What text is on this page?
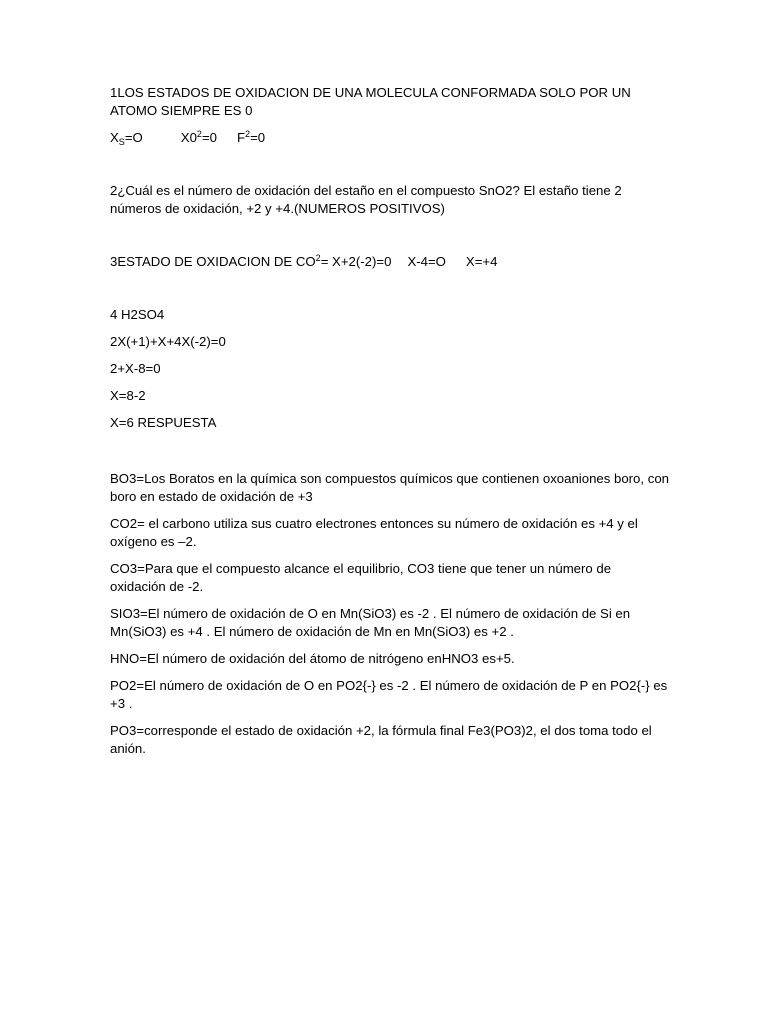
1LOS ESTADOS DE OXIDACION DE UNA MOLECULA CONFORMADA SOLO POR UN ATOMO SIEMPRE ES 0

$X_S=O$	$X0^2=0$ $F^2=0$

2¿Cuál es el número de oxidación del estaño en el compuesto SnO2? El estaño tiene 2 números de oxidación, +2 y +4.(NUMEROS POSITIVOS)

3ESTADO DE OXIDACION DE $CO^2= X+2(-2)=0$ X-4=O X=+4

4 H2SO4

2X(+1)+X+4X(-2)=0

2+X-8=0

X=8-2

X=6 RESPUESTA

BO3=Los Boratos en la química son compuestos químicos que contienen oxoaniones boro, con boro en estado de oxidación de +3

CO2= el carbono utiliza sus cuatro electrones entonces su número de oxidación es +4 y el oxígeno es –2.

CO3=Para que el compuesto alcance el equilibrio, CO3 tiene que tener un número de oxidación de -2.

SIO3=El número de oxidación de O en Mn(SiO3) es -2 . El número de oxidación de Si en Mn(SiO3) es +4 . El número de oxidación de Mn en Mn(SiO3) es +2 .

HNO=El número de oxidación del átomo de nitrógeno enHNO3 es+5.

PO2=El número de oxidación de O en PO2{-} es -2 . El número de oxidación de P en PO2{-} es +3 .

PO3=corresponde el estado de oxidación +2, la fórmula final Fe3(PO3)2, el dos toma todo el anión.
